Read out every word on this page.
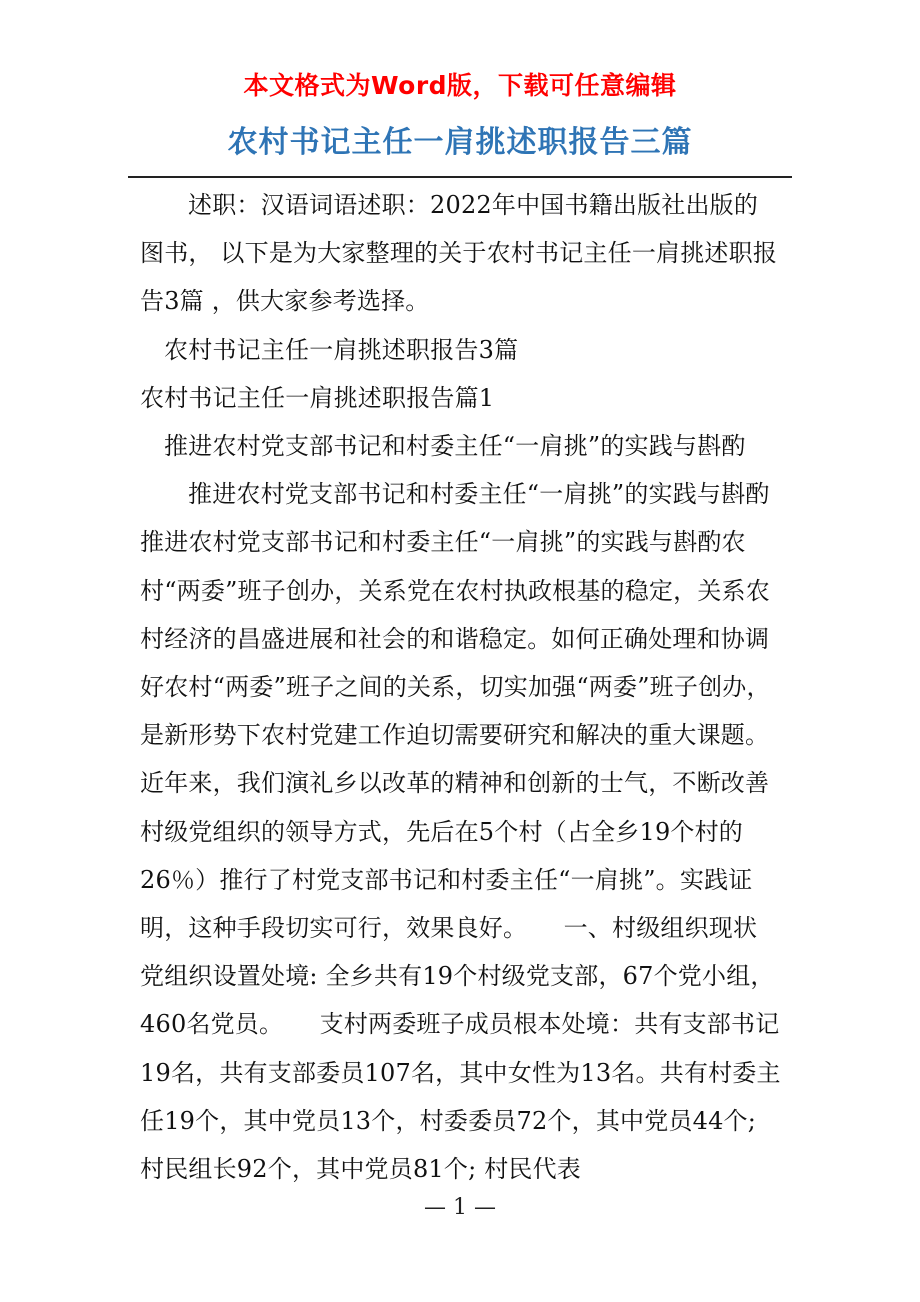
本文格式为Word版，下载可任意编辑
农村书记主任一肩挑述职报告三篇

述职：汉语词语述职：2022年中国书籍出版社出版的图书， 以下是为大家整理的关于农村书记主任一肩挑述职报告3篇 ，供大家参考选择。

农村书记主任一肩挑述职报告3篇

农村书记主任一肩挑述职报告篇1

推进农村党支部书记和村委主任“一肩挑”的实践与斟酌

推进农村党支部书记和村委主任“一肩挑”的实践与斟酌推进农村党支部书记和村委主任“一肩挑”的实践与斟酌农村“两委”班子创办，关系党在农村执政根基的稳定，关系农村经济的昌盛进展和社会的和谐稳定。如何正确处理和协调好农村“两委”班子之间的关系，切实加强“两委”班子创办，是新形势下农村党建工作迫切需要研究和解决的重大课题。近年来，我们演礼乡以改革的精神和创新的士气，不断改善村级党组织的领导方式，先后在5个村（占全乡19个村的26％）推行了村党支部书记和村委主任“一肩挑”。实践证明，这种手段切实可行，效果良好。　　一、村级组织现状　　党组织设置处境: 全乡共有19个村级党支部，67个党小组，460名党员。　　支村两委班子成员根本处境：共有支部书记19名，共有支部委员107名，其中女性为13名。共有村委主任19个，其中党员13个，村委委员72个，其中党员44个; 村民组长92个，其中党员81个; 村民代表

— 1 —
